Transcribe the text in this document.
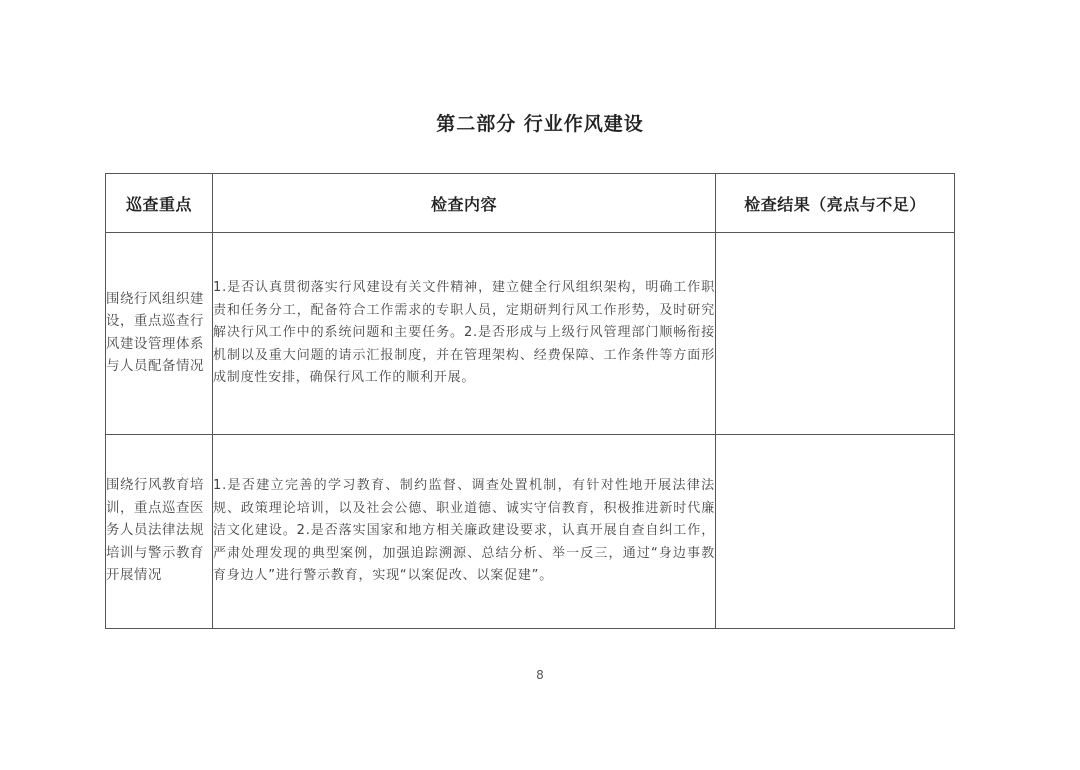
第二部分 行业作风建设
巡查重点	检查内容	检查结果（亮点与不足）
围绕行风组织建设，重点巡查行风建设管理体系与人员配备情况	1.是否认真贯彻落实行风建设有关文件精神，建立健全行风组织架构，明确工作职责和任务分工，配备符合工作需求的专职人员，定期研判行风工作形势，及时研究解决行风工作中的系统问题和主要任务。2.是否形成与上级行风管理部门顺畅衔接机制以及重大问题的请示汇报制度，并在管理架构、经费保障、工作条件等方面形成制度性安排，确保行风工作的顺利开展。	
围绕行风教育培训，重点巡查医务人员法律法规培训与警示教育开展情况	1.是否建立完善的学习教育、制约监督、调查处置机制，有针对性地开展法律法规、政策理论培训，以及社会公德、职业道德、诚实守信教育，积极推进新时代廉洁文化建设。2.是否落实国家和地方相关廉政建设要求，认真开展自查自纠工作，严肃处理发现的典型案例，加强追踪溯源、总结分析、举一反三，通过“身边事教育身边人”进行警示教育，实现“以案促改、以案促建”。	
8
